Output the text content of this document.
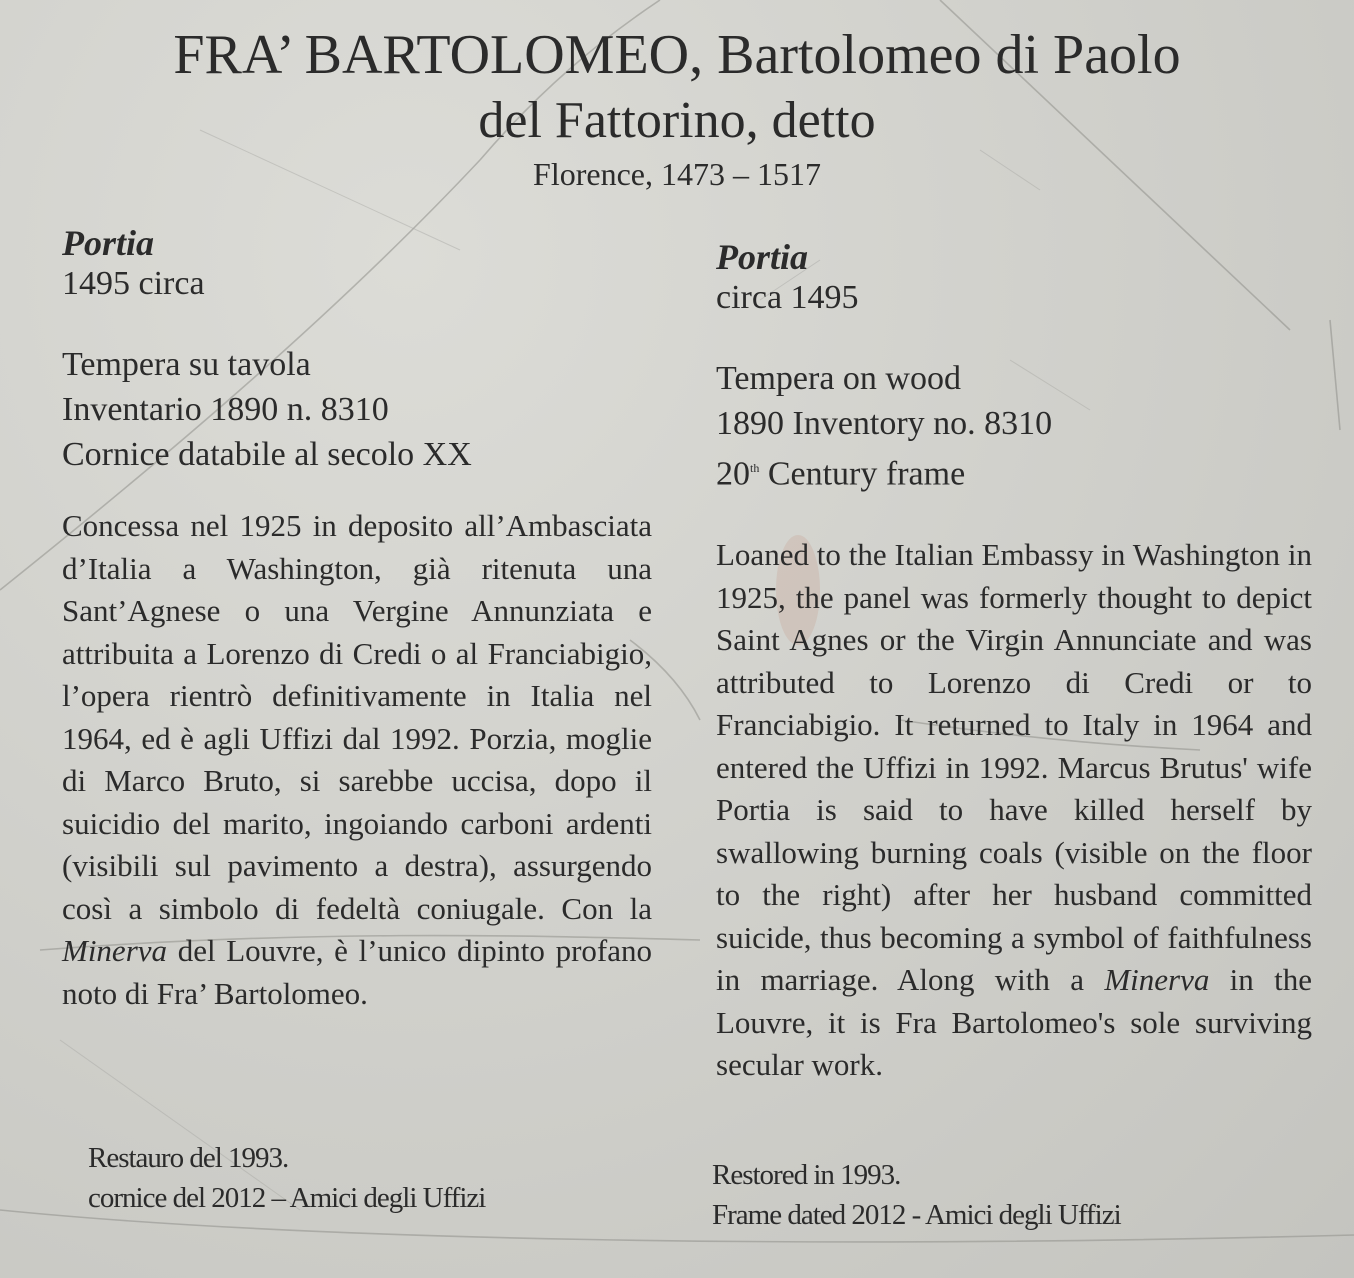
FRA’ BARTOLOMEO, Bartolomeo di Paolo
del Fattorino, detto
Florence, 1473 – 1517
Portia
1495 circa
Tempera su tavola
Inventario 1890 n. 8310
Cornice databile al secolo XX
Concessa nel 1925 in deposito all’Ambasciata d’Italia a Washington, già ritenuta una Sant’Agnese o una Vergine Annunziata e attribuita a Lorenzo di Credi o al Franciabigio, l’opera rientrò definitivamente in Italia nel 1964, ed è agli Uffizi dal 1992. Porzia, moglie di Marco Bruto, si sarebbe uccisa, dopo il suicidio del marito, ingoiando carboni ardenti (visibili sul pavimento a destra), assurgendo così a simbolo di fedeltà coniugale. Con la Minerva del Louvre, è l’unico dipinto profano noto di Fra’ Bartolomeo.
Portia
circa 1495
Tempera on wood
1890 Inventory no. 8310
20th Century frame
Loaned to the Italian Embassy in Washington in 1925, the panel was formerly thought to depict Saint Agnes or the Virgin Annunciate and was attributed to Lorenzo di Credi or to Franciabigio. It returned to Italy in 1964 and entered the Uffizi in 1992. Marcus Brutus' wife Portia is said to have killed herself by swallowing burning coals (visible on the floor to the right) after her husband committed suicide, thus becoming a symbol of faithfulness in marriage. Along with a Minerva in the Louvre, it is Fra Bartolomeo's sole surviving secular work.
Restauro del 1993.
cornice del 2012 – Amici degli Uffizi
Restored in 1993.
Frame dated 2012 - Amici degli Uffizi
